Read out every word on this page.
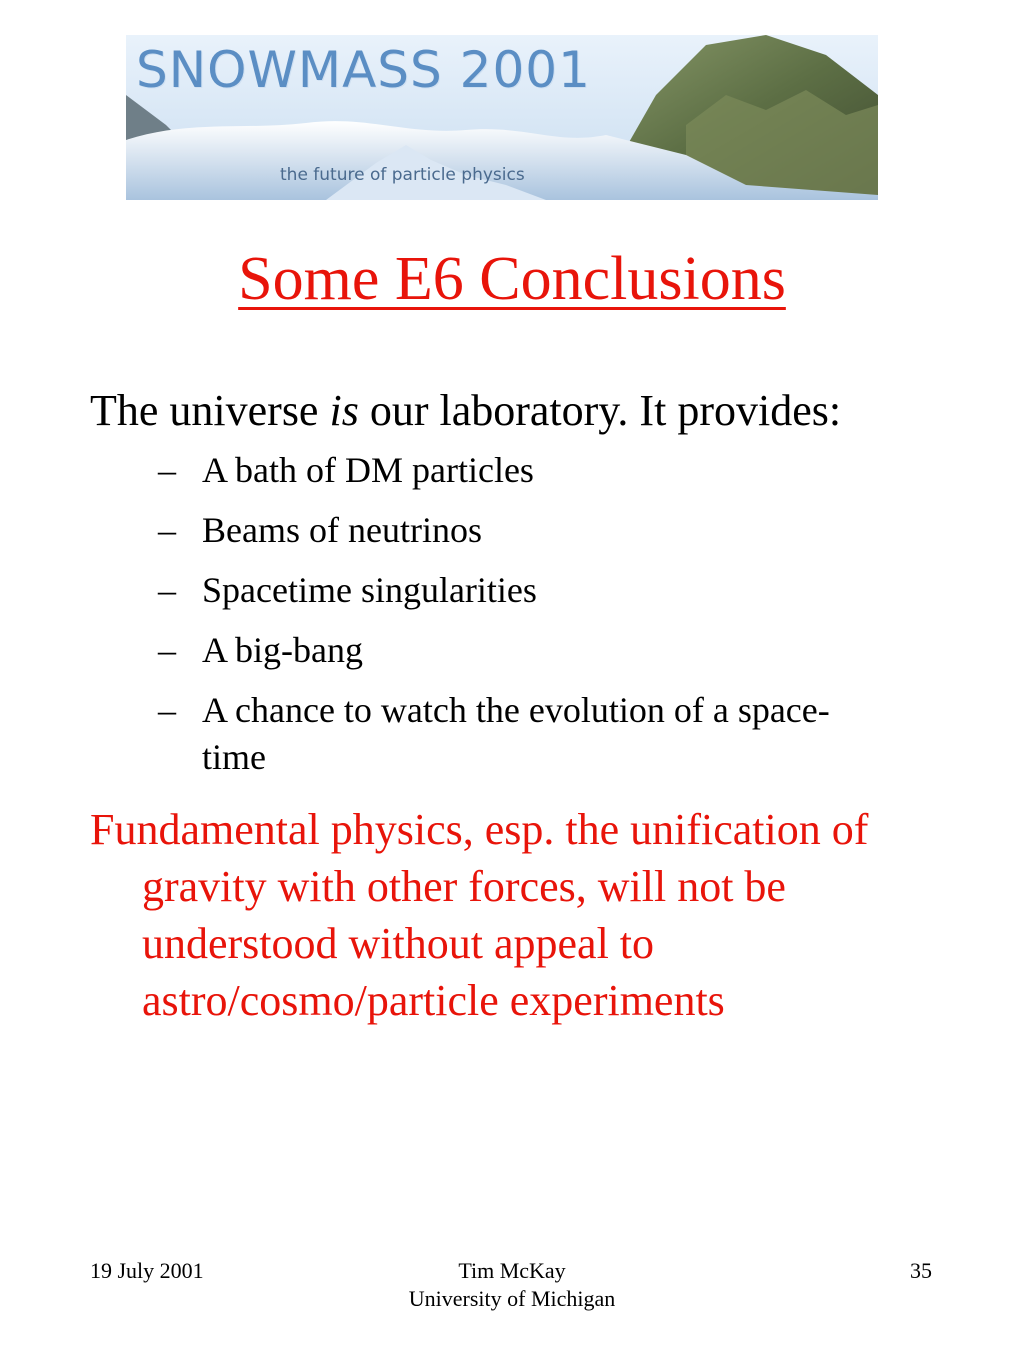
SNOWMASS 2001
the future of particle physics
Some E6 Conclusions

The universe is our laboratory. It provides:

– A bath of DM particles
– Beams of neutrinos
– Spacetime singularities
– A big-bang
– A chance to watch the evolution of a space-time

Fundamental physics, esp. the unification of gravity with other forces, will not be understood without appeal to astro/cosmo/particle experiments

19 July 2001	Tim McKay
University of Michigan
35
